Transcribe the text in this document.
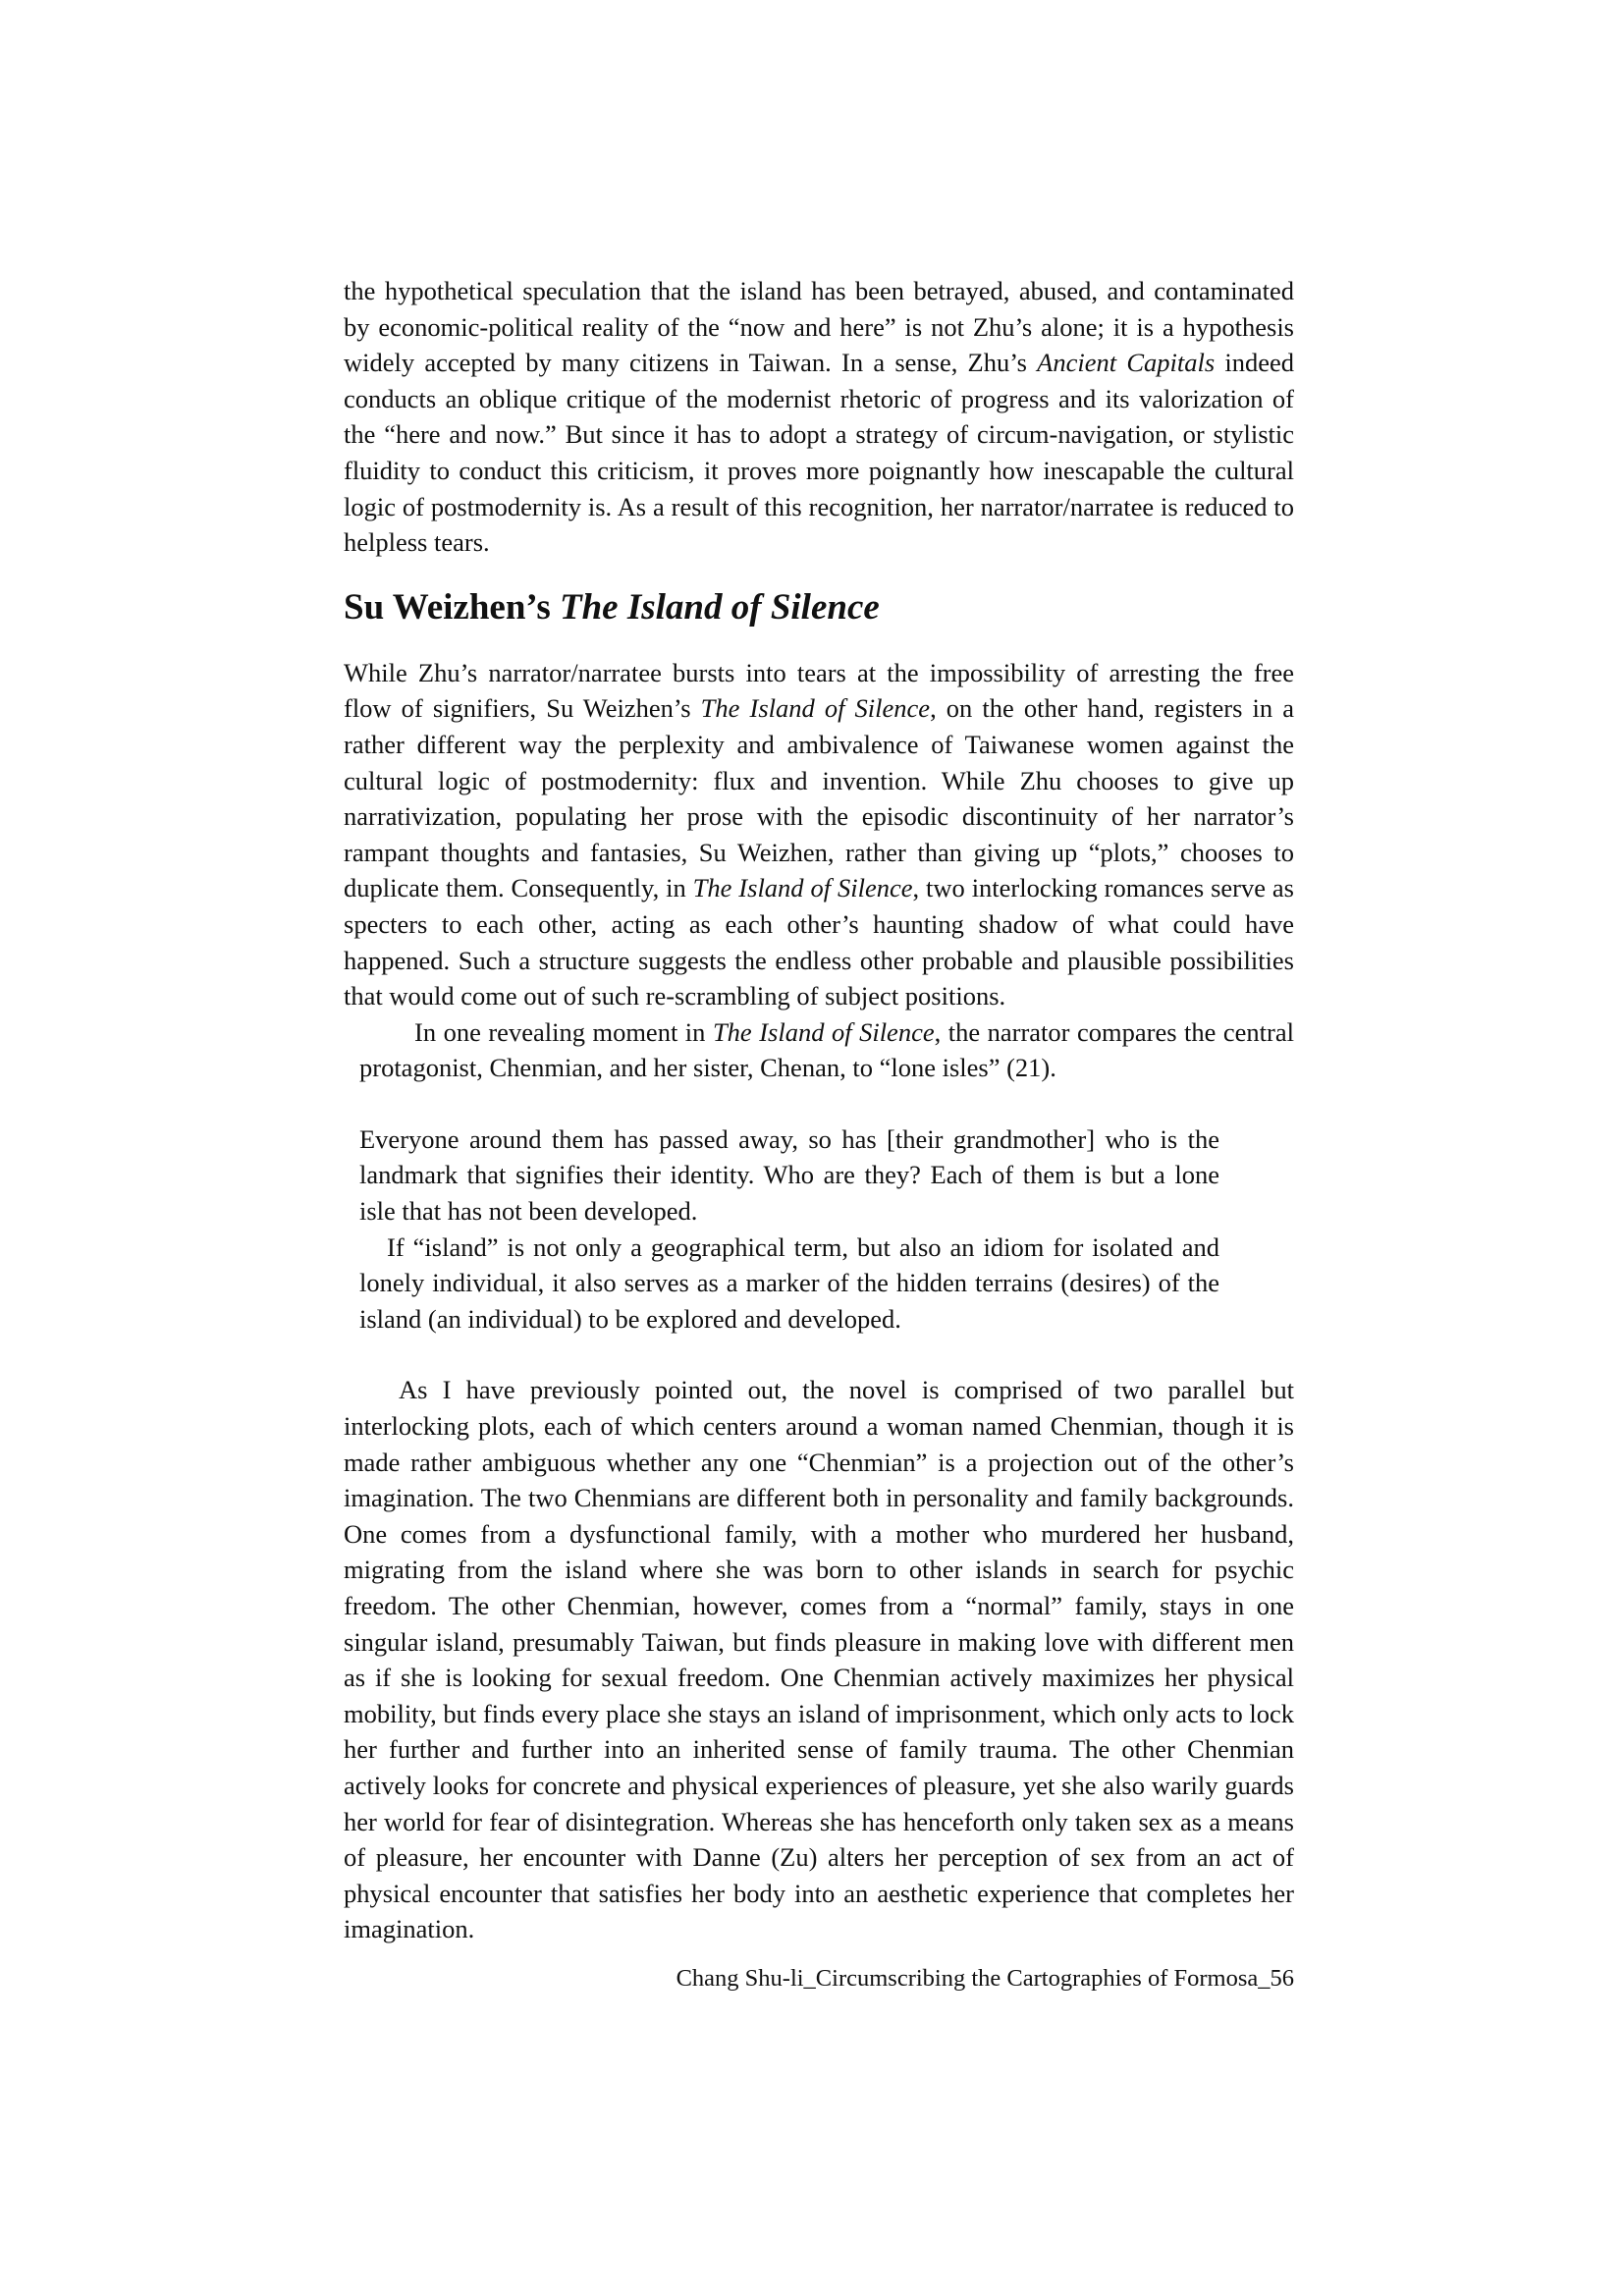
the hypothetical speculation that the island has been betrayed, abused, and contaminated by economic-political reality of the “now and here” is not Zhu’s alone; it is a hypothesis widely accepted by many citizens in Taiwan. In a sense, Zhu’s Ancient Capitals indeed conducts an oblique critique of the modernist rhetoric of progress and its valorization of the “here and now.” But since it has to adopt a strategy of circum-navigation, or stylistic fluidity to conduct this criticism, it proves more poignantly how inescapable the cultural logic of postmodernity is. As a result of this recognition, her narrator/narratee is reduced to helpless tears.

Su Weizhen’s The Island of Silence

While Zhu’s narrator/narratee bursts into tears at the impossibility of arresting the free flow of signifiers, Su Weizhen’s The Island of Silence, on the other hand, registers in a rather different way the perplexity and ambivalence of Taiwanese women against the cultural logic of postmodernity: flux and invention. While Zhu chooses to give up narrativization, populating her prose with the episodic discontinuity of her narrator’s rampant thoughts and fantasies, Su Weizhen, rather than giving up “plots,” chooses to duplicate them. Consequently, in The Island of Silence, two interlocking romances serve as specters to each other, acting as each other’s haunting shadow of what could have happened. Such a structure suggests the endless other probable and plausible possibilities that would come out of such re-scrambling of subject positions.

In one revealing moment in The Island of Silence, the narrator compares the central protagonist, Chenmian, and her sister, Chenan, to “lone isles” (21).

Everyone around them has passed away, so has [their grandmother] who is the landmark that signifies their identity. Who are they? Each of them is but a lone isle that has not been developed.

If “island” is not only a geographical term, but also an idiom for isolated and lonely individual, it also serves as a marker of the hidden terrains (desires) of the island (an individual) to be explored and developed.

As I have previously pointed out, the novel is comprised of two parallel but interlocking plots, each of which centers around a woman named Chenmian, though it is made rather ambiguous whether any one “Chenmian” is a projection out of the other’s imagination. The two Chenmians are different both in personality and family backgrounds. One comes from a dysfunctional family, with a mother who murdered her husband, migrating from the island where she was born to other islands in search for psychic freedom. The other Chenmian, however, comes from a “normal” family, stays in one singular island, presumably Taiwan, but finds pleasure in making love with different men as if she is looking for sexual freedom. One Chenmian actively maximizes her physical mobility, but finds every place she stays an island of imprisonment, which only acts to lock her further and further into an inherited sense of family trauma. The other Chenmian actively looks for concrete and physical experiences of pleasure, yet she also warily guards her world for fear of disintegration. Whereas she has henceforth only taken sex as a means of pleasure, her encounter with Danne (Zu) alters her perception of sex from an act of physical encounter that satisfies her body into an aesthetic experience that completes her imagination.

Chang Shu-li_Circumscribing the Cartographies of Formosa_56
